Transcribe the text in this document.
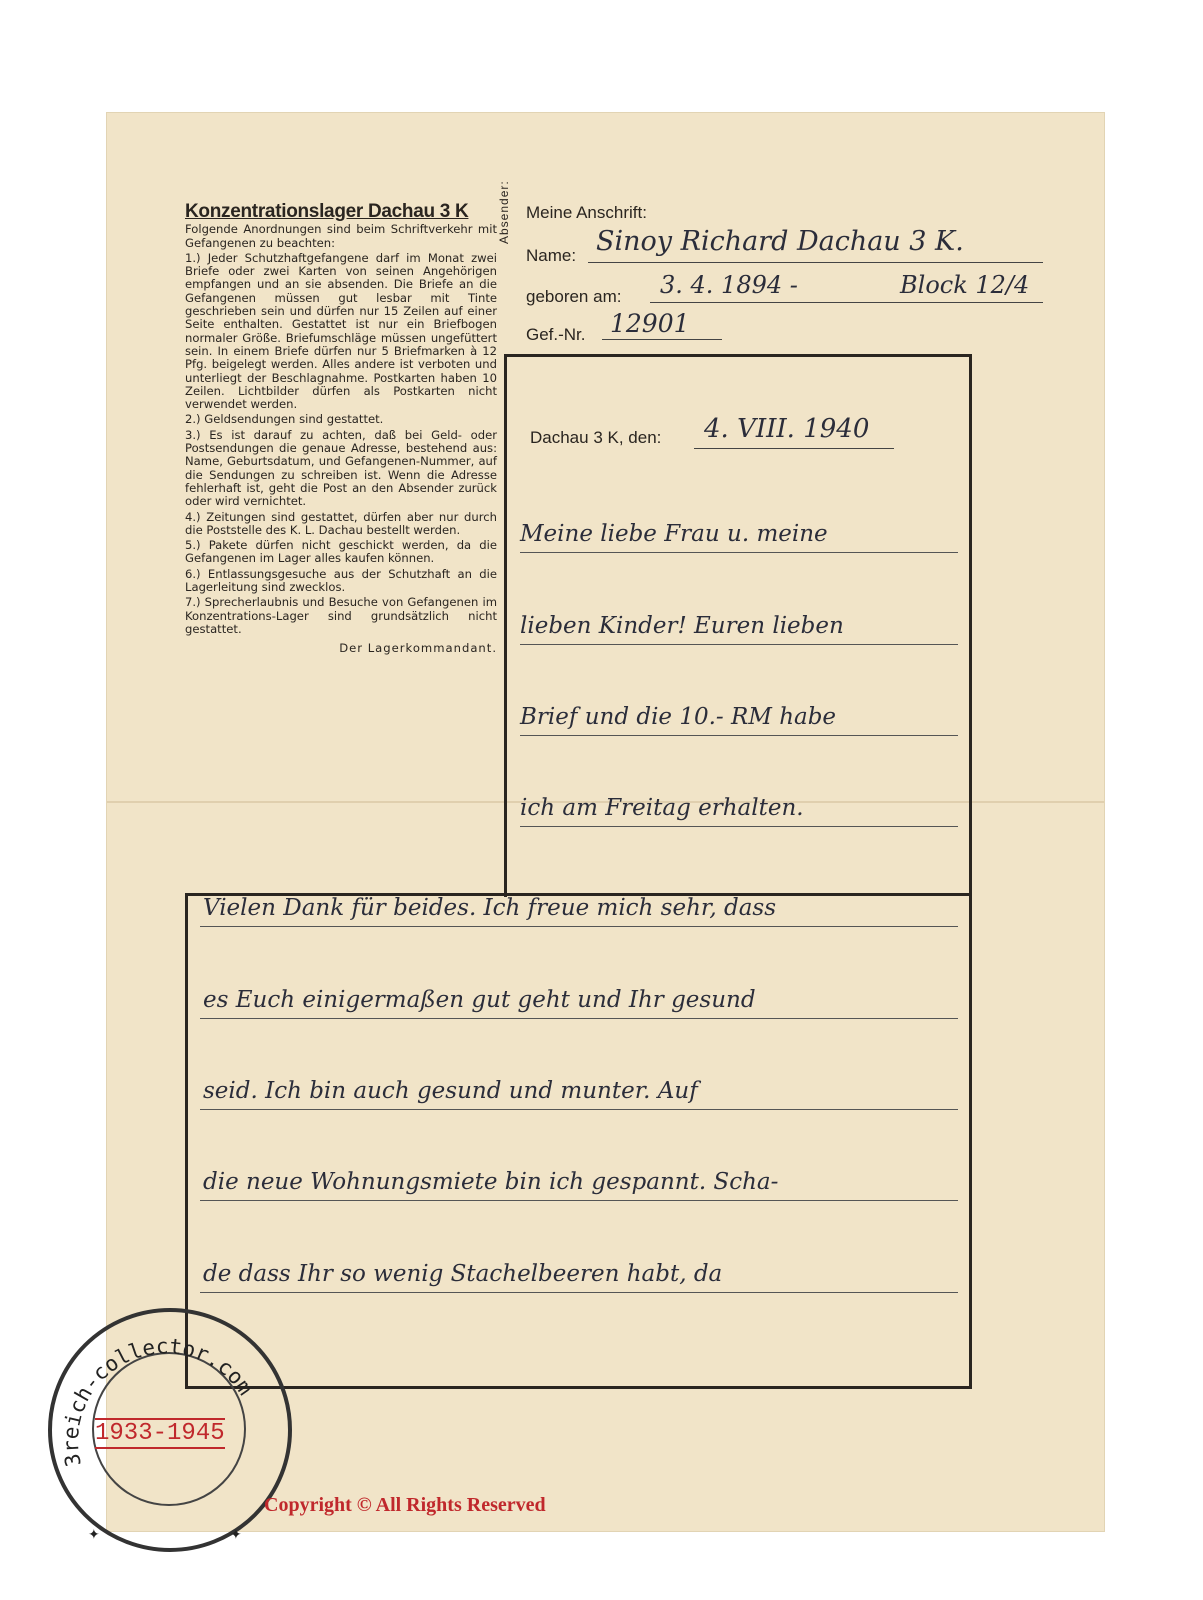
Konzentrationslager Dachau 3 K

Folgende Anordnungen sind beim Schriftverkehr mit Gefangenen zu beachten:

1.) Jeder Schutzhaftgefangene darf im Monat zwei Briefe oder zwei Karten von seinen Angehörigen empfangen und an sie absenden. Die Briefe an die Gefangenen müssen gut lesbar mit Tinte geschrieben sein und dürfen nur 15 Zeilen auf einer Seite enthalten. Gestattet ist nur ein Briefbogen normaler Größe. Briefumschläge müssen ungefüttert sein. In einem Briefe dürfen nur 5 Briefmarken à 12 Pfg. beigelegt werden. Alles andere ist verboten und unterliegt der Beschlagnahme. Postkarten haben 10 Zeilen. Lichtbilder dürfen als Postkarten nicht verwendet werden.

2.) Geldsendungen sind gestattet.

3.) Es ist darauf zu achten, daß bei Geld- oder Postsendungen die genaue Adresse, bestehend aus: Name, Geburtsdatum, und Gefangenen-Nummer, auf die Sendungen zu schreiben ist. Wenn die Adresse fehlerhaft ist, geht die Post an den Absender zurück oder wird vernichtet.

4.) Zeitungen sind gestattet, dürfen aber nur durch die Poststelle des K. L. Dachau bestellt werden.

5.) Pakete dürfen nicht geschickt werden, da die Gefangenen im Lager alles kaufen können.

6.) Entlassungsgesuche aus der Schutzhaft an die Lagerleitung sind zwecklos.

7.) Sprecherlaubnis und Besuche von Gefangenen im Konzentrations-Lager sind grundsätzlich nicht gestattet.

Der Lagerkommandant.
Absender: Meine Anschrift:
Name: Sinoy Richard Dachau 3 K.
geboren am: 3. 4. 1894 -	Block 12/4
Gef.-Nr. 12901
Dachau 3 K, den: 4. VIII. 1940
Meine liebe Frau u. meine
lieben Kinder! Euren lieben
Brief und die 10.- RM habe
ich am Freitag erhalten.
Vielen Dank für beides. Ich freue mich sehr, dass
es Euch einigermaßen gut geht und Ihr gesund
seid. Ich bin auch gesund und munter. Auf
die neue Wohnungsmiete bin ich gespannt. Scha-
de dass Ihr so wenig Stachelbeeren habt, da
3reich-collector.com
1933-1945
✦	✦
Copyright © All Rights Reserved
